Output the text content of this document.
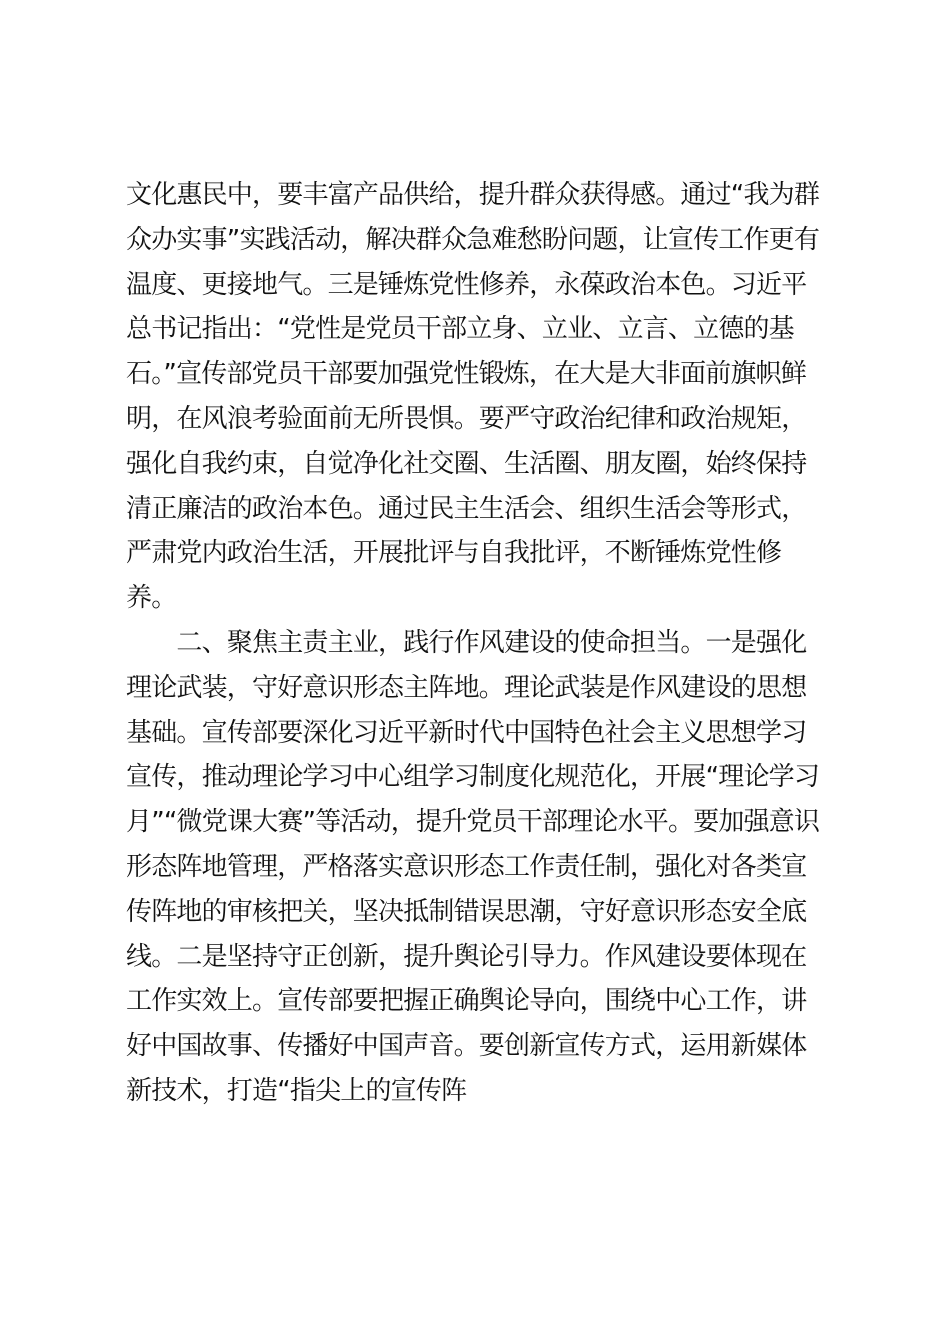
文化惠民中，要丰富产品供给，提升群众获得感。通过“我为群
众办实事”实践活动，解决群众急难愁盼问题，让宣传工作更有
温度、更接地气。三是锤炼党性修养，永葆政治本色。习近平
总书记指出：“党性是党员干部立身、立业、立言、立德的基
石。”宣传部党员干部要加强党性锻炼，在大是大非面前旗帜鲜
明，在风浪考验面前无所畏惧。要严守政治纪律和政治规矩，
强化自我约束，自觉净化社交圈、生活圈、朋友圈，始终保持
清正廉洁的政治本色。通过民主生活会、组织生活会等形式，
严肃党内政治生活，开展批评与自我批评，不断锤炼党性修
养。
　　二、聚焦主责主业，践行作风建设的使命担当。一是强化
理论武装，守好意识形态主阵地。理论武装是作风建设的思想
基础。宣传部要深化习近平新时代中国特色社会主义思想学习
宣传，推动理论学习中心组学习制度化规范化，开展“理论学习
月”“微党课大赛”等活动，提升党员干部理论水平。要加强意识
形态阵地管理，严格落实意识形态工作责任制，强化对各类宣
传阵地的审核把关，坚决抵制错误思潮，守好意识形态安全底
线。二是坚持守正创新，提升舆论引导力。作风建设要体现在
工作实效上。宣传部要把握正确舆论导向，围绕中心工作，讲
好中国故事、传播好中国声音。要创新宣传方式，运用新媒体
新技术，打造“指尖上的宣传阵
